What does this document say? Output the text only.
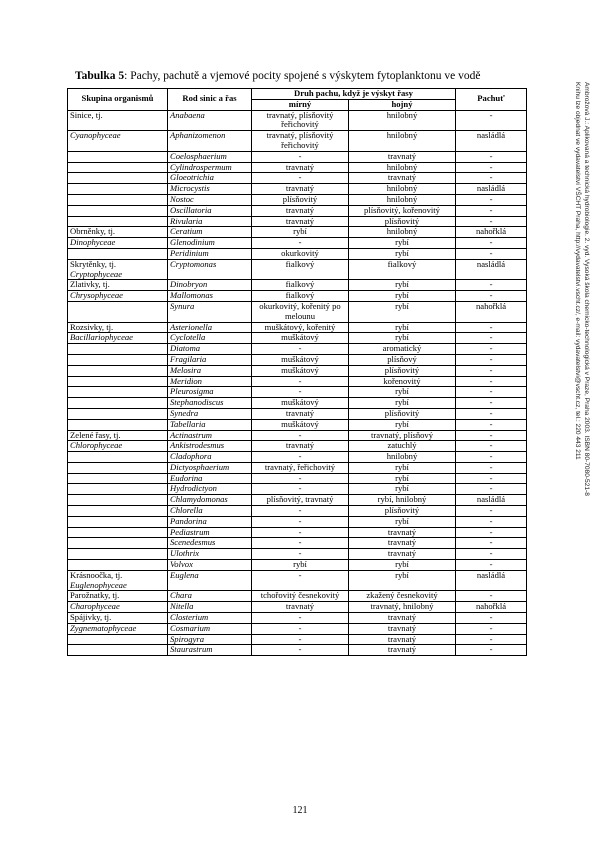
Tabulka 5: Pachy, pachutě a vjemové pocity spojené s výskytem fytoplanktonu ve vodě
Skupina organismů	Rod sinic a řas	Druh pachu, když je výskyt řasy		Pachuť
		mírný	hojný	

Sinice, tj.	Anabaena	travnatý, plísňovitý řeřichovitý	hnilobný	-

Cyanophyceae	Aphanizomenon	travnatý, plísňovitý řeřichovitý	hnilobný	nasládlá
	Coelosphaerium	-	travnatý	-
	Cylindrospermum	travnatý	hnilobný	-
	Gloeotrichia	-	travnatý	-
	Microcystis	travnatý	hnilobný	nasládlá
	Nostoc	plísňovitý	hnilobný	-
	Oscillatoria	travnatý	plísňovitý, kořenovitý	-
	Rivularia	travnatý	plísňovitý	-

Obrněnky, tj.	Ceratium	rybí	hnilobný	nahořklá

Dinophyceae	Glenodinium	-	rybí	-
	Peridinium	okurkovitý	rybí	-

Skrytěnky, tj.
Cryptophyceae	Cryptomonas	fialkový	fialkový	nasládlá

Zlativky, tj.	Dinobryon	fialkový	rybí	-

Chrysophyceae	Mallomonas	fialkový	rybí	-
	Synura	okurkovitý, kořenitý po melounu	rybí	nahořklá

Rozsivky, tj.	Asterionella	muškátový, kořenitý	rybí	-

Bacillariophyceae	Cyclotella	muškátový	rybí	-
	Diatoma	-	aromatický	-
	Fragilaria	muškátový	plísňový	-
	Melosira	muškátový	plísňovitý	-
	Meridion	-	kořenovitý	-
	Pleurosigma	-	rybí	-
	Stephanodiscus	muškátový	rybí	-
	Synedra	travnatý	plísňovitý	-
	Tabellaria	muškátový	rybí	-

Zelené řasy, tj.	Actinastrum	-	travnatý, plísňový	-

Chlorophyceae	Ankistrodesmus	travnatý	zatuchlý	-
	Cladophora	-	hnilobný	-
	Dictyosphaerium	travnatý, řeřichovitý	rybí	-
	Eudorina	-	rybí	-
	Hydrodictyon	-	rybí	-
	Chlamydomonas	plísňovitý, travnatý	rybí, hnilobný	nasládlá
	Chlorella	-	plísňovitý	-
	Pandorina	-	rybí	-
	Pediastrum	-	travnatý	-
	Scenedesmus	-	travnatý	-
	Ulothrix	-	travnatý	-
	Volvox	rybí	rybí	-

Krásnoočka, tj.
Euglenophyceae	Euglena	-	rybí	nasládlá

Parožnatky, tj.	Chara	tchořovitý česnekovitý	zkažený česnekovitý	-

Charophyceae	Nitella	travnatý	travnatý, hnilobný	nahořklá

Spájivky, tj.	Closterium	-	travnatý	-

Zygnematophyceae	Cosmarium	-	travnatý	-
	Spirogyra	-	travnatý	-
	Staurastrum	-	travnatý	-
Ambrožová J.: Aplikovaná a technická hydrobiologie. 2. vyd. Vysoká škola chemicko-technologická v Praze, Praha 2003. ISBN 80-7080-521-8
Knihu lze objednat ve vydavatelství VŠCHT Praha, http://vydavatelstvi.vscht.cz/, e-mail: vydavatelstvi@vscht.cz, tel.: 220 443 211
121
